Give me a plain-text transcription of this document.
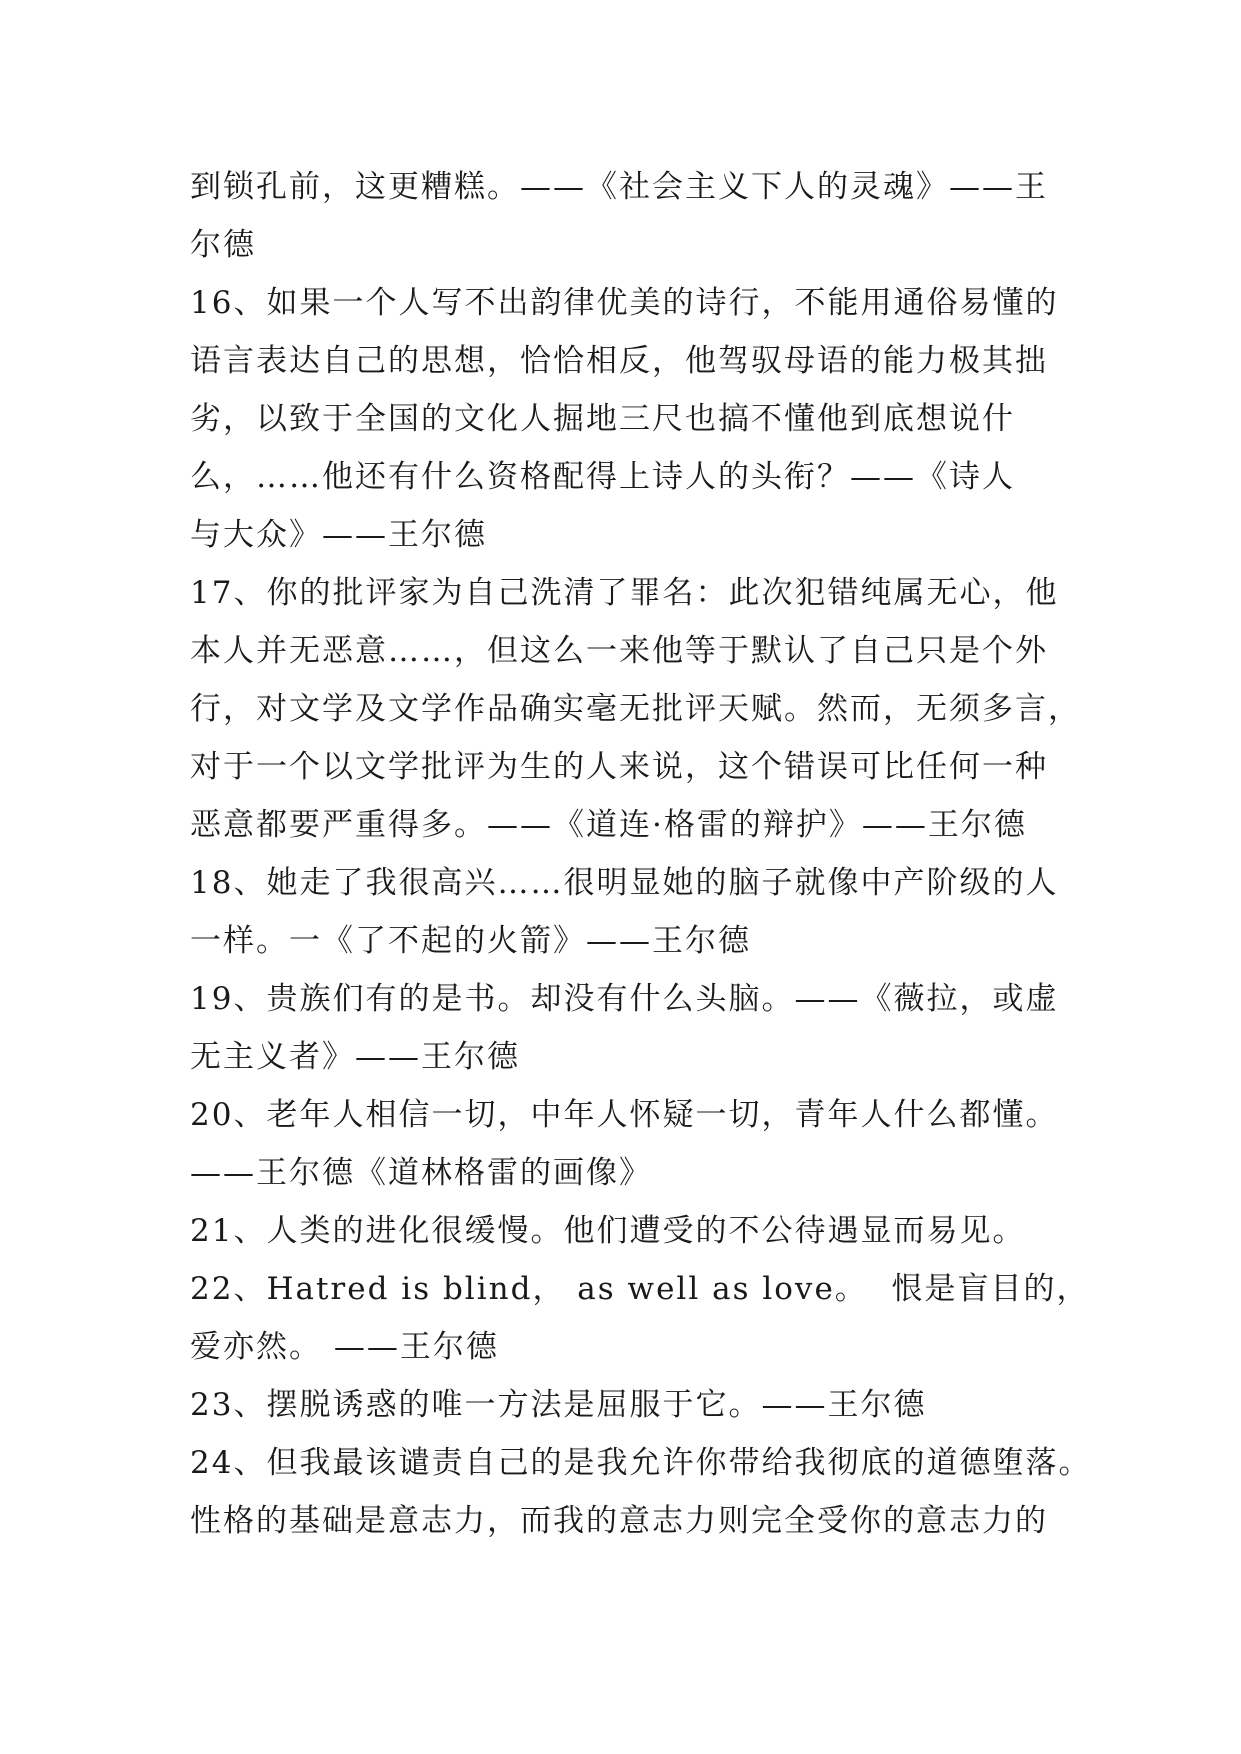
到锁孔前，这更糟糕。——《社会主义下人的灵魂》——王
尔德
16、如果一个人写不出韵律优美的诗行，不能用通俗易懂的
语言表达自己的思想，恰恰相反，他驾驭母语的能力极其拙
劣，以致于全国的文化人掘地三尺也搞不懂他到底想说什
么，……他还有什么资格配得上诗人的头衔？——《诗人
与大众》——王尔德
17、你的批评家为自己洗清了罪名：此次犯错纯属无心，他
本人并无恶意……，但这么一来他等于默认了自己只是个外
行，对文学及文学作品确实毫无批评天赋。然而，无须多言，
对于一个以文学批评为生的人来说，这个错误可比任何一种
恶意都要严重得多。——《道连·格雷的辩护》——王尔德
18、她走了我很高兴……很明显她的脑子就像中产阶级的人
一样。一《了不起的火箭》——王尔德
19、贵族们有的是书。却没有什么头脑。——《薇拉，或虚
无主义者》——王尔德
20、老年人相信一切，中年人怀疑一切，青年人什么都懂。
——王尔德《道林格雷的画像》
21、人类的进化很缓慢。他们遭受的不公待遇显而易见。
22、Hatred is blind， as well as love。  恨是盲目的，
爱亦然。 ——王尔德
23、摆脱诱惑的唯一方法是屈服于它。——王尔德
24、但我最该谴责自己的是我允许你带给我彻底的道德堕落。
性格的基础是意志力，而我的意志力则完全受你的意志力的
